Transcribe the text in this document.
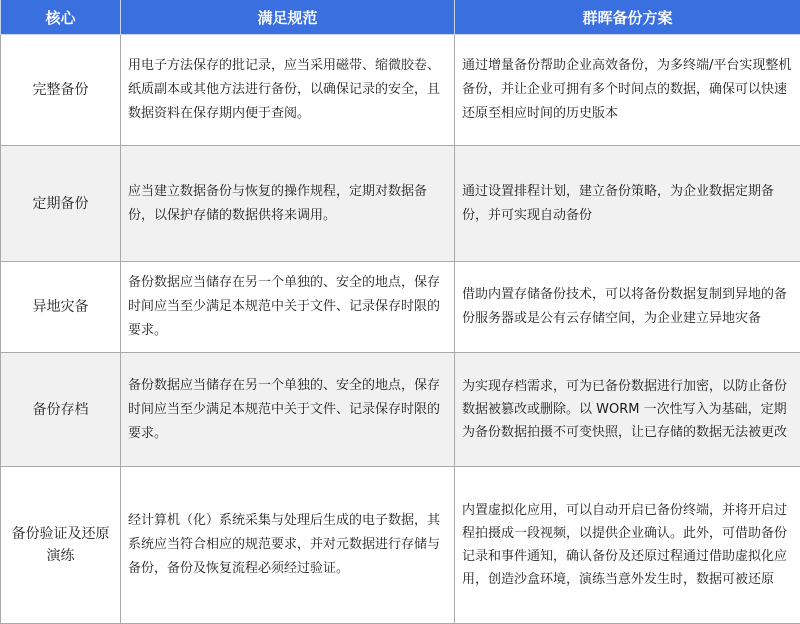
核心	满足规范	群晖备份方案
完整备份	用电子方法保存的批记录，应当采用磁带、缩微胶卷、纸质副本或其他方法进行备份，以确保记录的安全，且数据资料在保存期内便于查阅。	通过增量备份帮助企业高效备份，为多终端/平台实现整机备份，并让企业可拥有多个时间点的数据，确保可以快速还原至相应时间的历史版本
定期备份	应当建立数据备份与恢复的操作规程，定期对数据备份，以保护存储的数据供将来调用。	通过设置排程计划，建立备份策略，为企业数据定期备份，并可实现自动备份
异地灾备	备份数据应当储存在另一个单独的、安全的地点，保存时间应当至少满足本规范中关于文件、记录保存时限的要求。	借助内置存储备份技术，可以将备份数据复制到异地的备份服务器或是公有云存储空间，为企业建立异地灾备
备份存档	备份数据应当储存在另一个单独的、安全的地点，保存时间应当至少满足本规范中关于文件、记录保存时限的要求。	为实现存档需求，可为已备份数据进行加密，以防止备份数据被篡改或删除。以 WORM 一次性写入为基础，定期为备份数据拍摄不可变快照，让已存储的数据无法被更改
备份验证及还原演练	经计算机（化）系统采集与处理后生成的电子数据，其系统应当符合相应的规范要求，并对元数据进行存储与备份，备份及恢复流程必须经过验证。	内置虚拟化应用，可以自动开启已备份终端，并将开启过程拍摄成一段视频，以提供企业确认。此外，可借助备份记录和事件通知，确认备份及还原过程通过借助虚拟化应用，创造沙盒环境，演练当意外发生时，数据可被还原
